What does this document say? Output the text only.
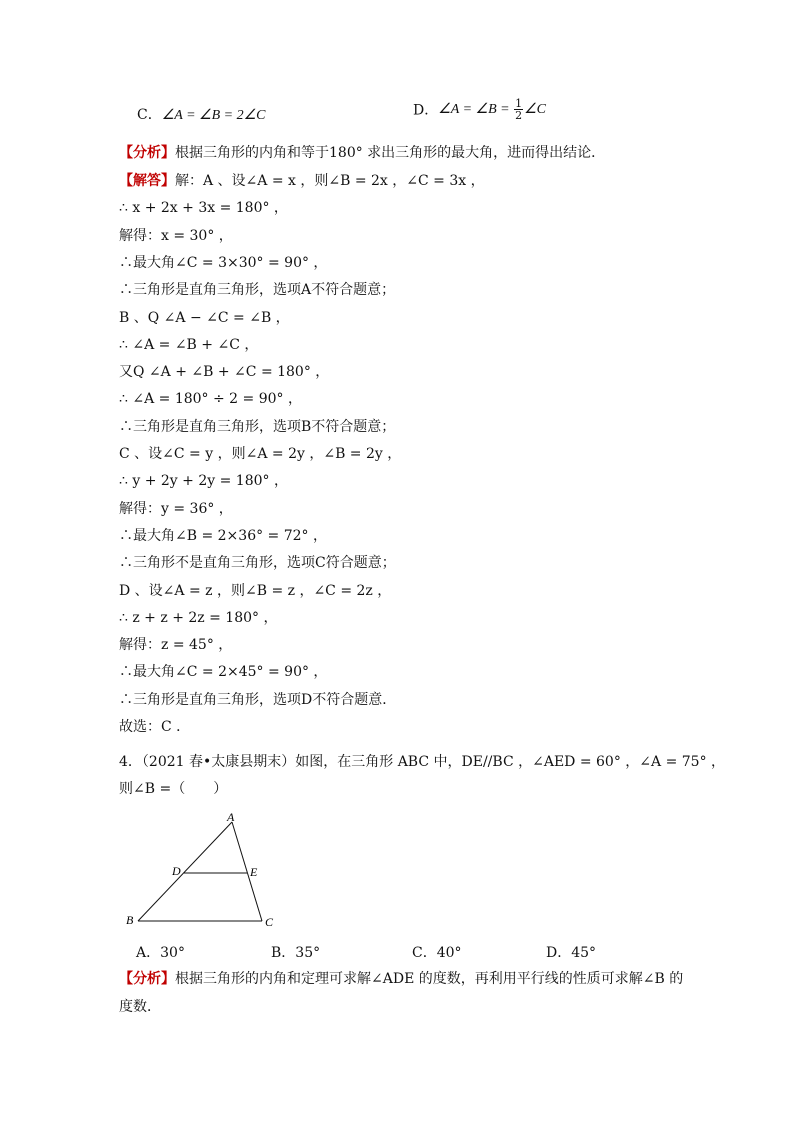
C．∠A = ∠B = 2∠C	D．∠A = ∠B = $\frac{1}{2}$ ∠C
【分析】根据三角形的内角和等于180° 求出三角形的最大角，进而得出结论．
【解答】解：A 、设∠A = x ，则∠B = 2x ，∠C = 3x ，
∴ x + 2x + 3x = 180° ，
解得：x = 30° ，
∴最大角∠C = 3×30° = 90° ，
∴三角形是直角三角形，选项A不符合题意；
B 、Q ∠A − ∠C = ∠B ，
∴ ∠A = ∠B + ∠C ，
又Q ∠A + ∠B + ∠C = 180° ，
∴ ∠A = 180° ÷ 2 = 90° ，
∴三角形是直角三角形，选项B不符合题意；
C 、设∠C = y ，则∠A = 2y ，∠B = 2y ，
∴ y + 2y + 2y = 180° ，
解得：y = 36° ，
∴最大角∠B = 2×36° = 72° ，
∴三角形不是直角三角形，选项C符合题意；
D 、设∠A = z ，则∠B = z ，∠C = 2z ，
∴ z + z + 2z = 180° ，
解得：z = 45° ，
∴最大角∠C = 2×45° = 90° ，
∴三角形是直角三角形，选项D不符合题意．
故选：C ．
4．（2021 春•太康县期末）如图，在三角形 ABC 中，DE//BC ，∠AED = 60° ，∠A = 75° ，
则∠B =（　　）
A
D	E
B	C
A．30°	B．35°	C．40°	D．45°
【分析】根据三角形的内角和定理可求解∠ADE 的度数，再利用平行线的性质可求解∠B 的
度数．
